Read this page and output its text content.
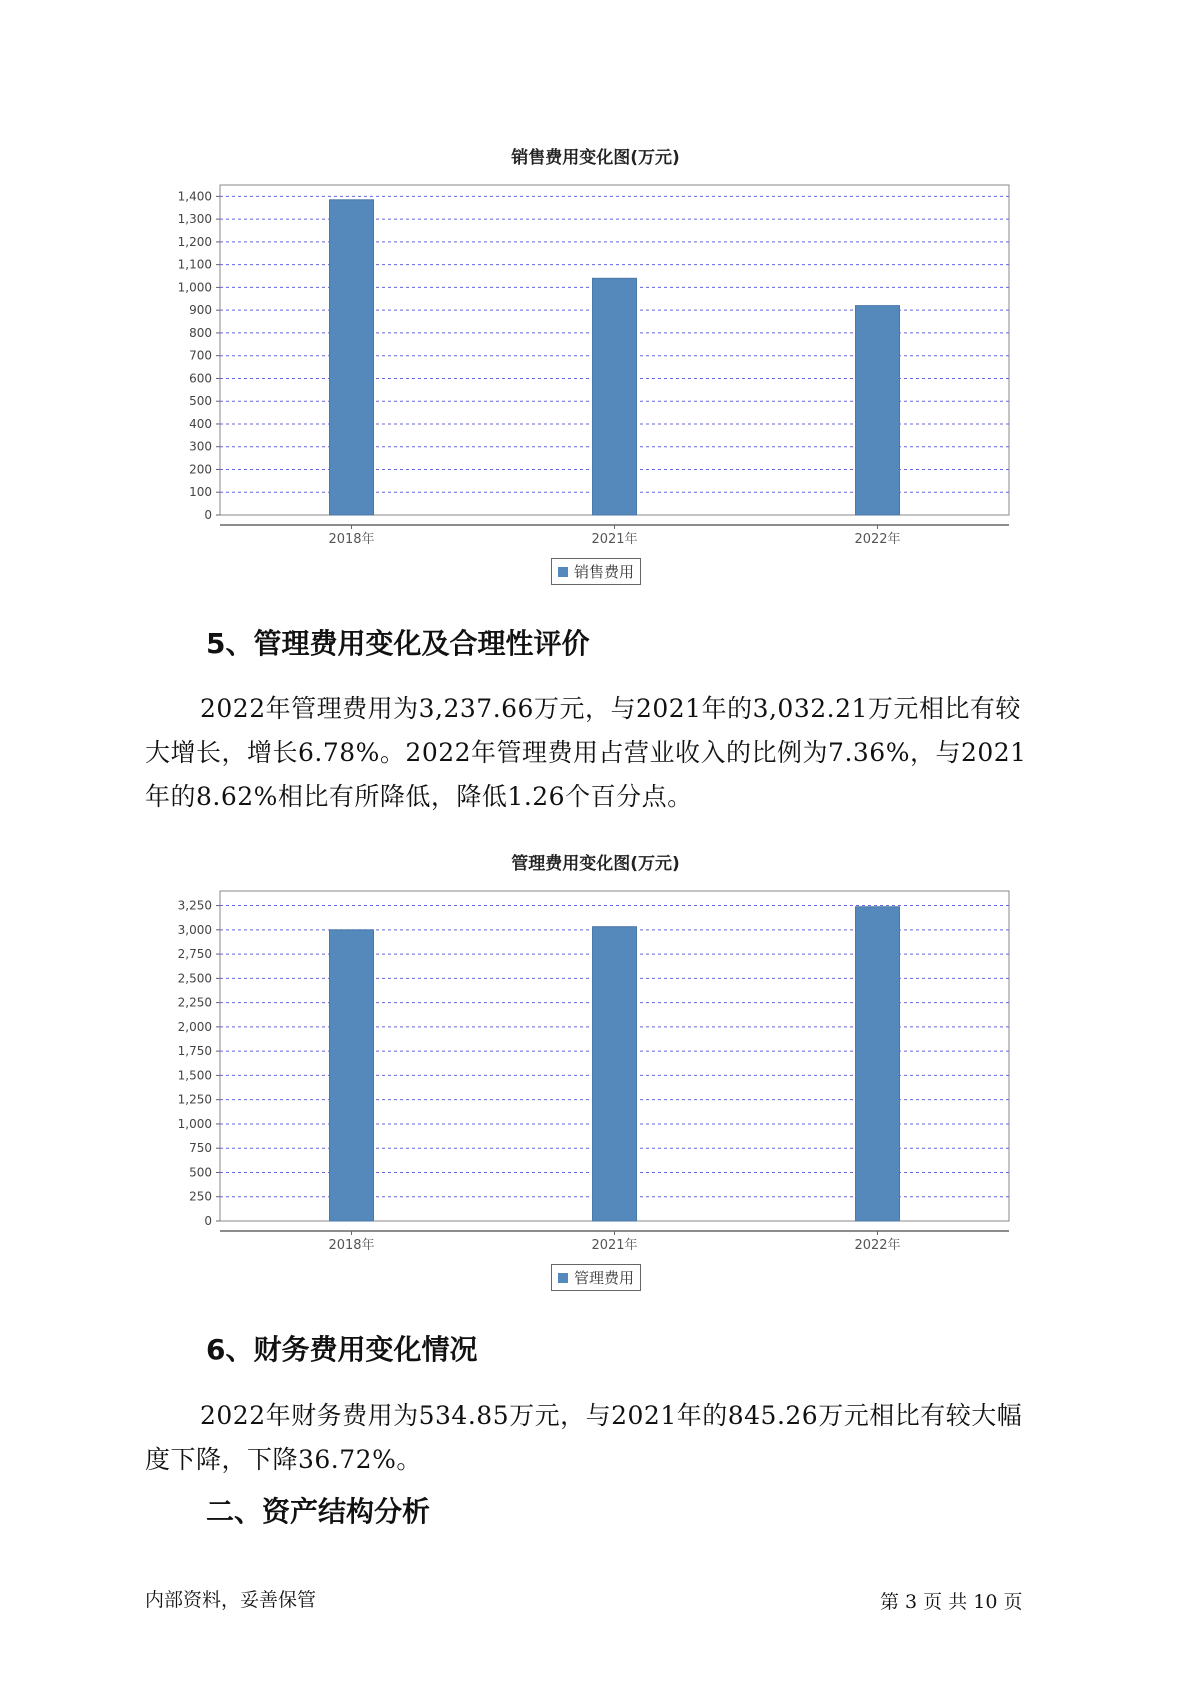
销售费用变化图(万元)
0
100
200
300
400
500
600
700
800
900
1,000
1,100
1,200
1,300
1,400
2018年	2021年	2022年
销售费用
5、管理费用变化及合理性评价

2022年管理费用为3,237.66万元，与2021年的3,032.21万元相比有较大增长，增长6.78%。2022年管理费用占营业收入的比例为7.36%，与2021年的8.62%相比有所降低，降低1.26个百分点。

管理费用变化图(万元)
0
250
500
750
1,000
1,250
1,500
1,750
2,000
2,250
2,500
2,750
3,000
3,250
2018年	2021年	2022年
管理费用
6、财务费用变化情况

2022年财务费用为534.85万元，与2021年的845.26万元相比有较大幅度下降，下降36.72%。

二、资产结构分析
内部资料，妥善保管	第 3 页 共 10 页
